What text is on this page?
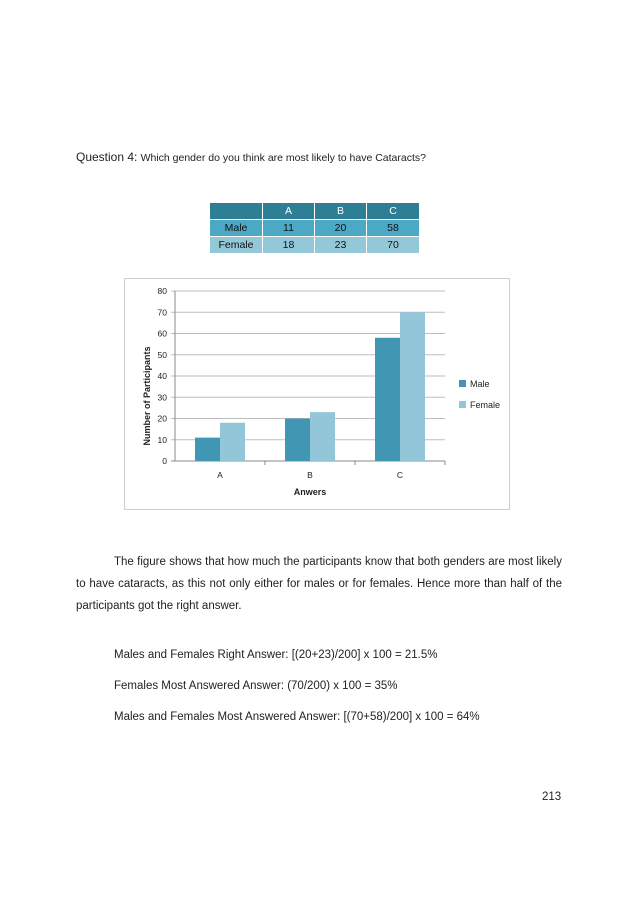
Question 4: Which gender do you think are most likely to have Cataracts?
	A	B	C
Male	11	20	58
Female	18	23	70
0
10
20
30
40
50
60
70
80
A	B	C
Anwers
Number of Participants	Male
Female
The figure shows that how much the participants know that both genders are most likely to have cataracts, as this not only either for males or for females. Hence more than half of the participants got the right answer.
Males and Females Right Answer: [(20+23)/200] x 100 = 21.5%
Females Most Answered Answer: (70/200) x 100 = 35%
Males and Females Most Answered Answer: [(70+58)/200] x 100 = 64%
213
